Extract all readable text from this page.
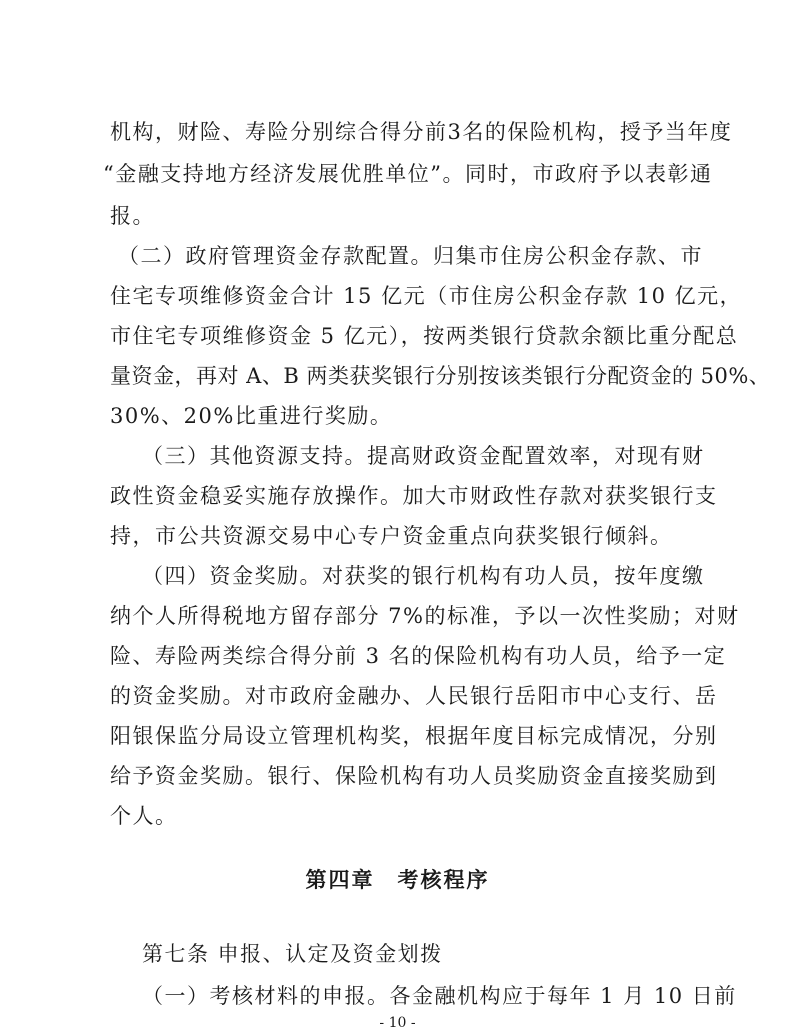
机构，财险、寿险分别综合得分前3名的保险机构，授予当年度
“金融支持地方经济发展优胜单位”。同时，市政府予以表彰通
报。
（二）政府管理资金存款配置。归集市住房公积金存款、市
住宅专项维修资金合计 15 亿元（市住房公积金存款 10 亿元，
市住宅专项维修资金 5 亿元），按两类银行贷款余额比重分配总
量资金，再对 A、B 两类获奖银行分别按该类银行分配资金的 50%、
30%、20%比重进行奖励。
（三）其他资源支持。提高财政资金配置效率，对现有财
政性资金稳妥实施存放操作。加大市财政性存款对获奖银行支
持，市公共资源交易中心专户资金重点向获奖银行倾斜。
（四）资金奖励。对获奖的银行机构有功人员，按年度缴
纳个人所得税地方留存部分 7%的标准，予以一次性奖励；对财
险、寿险两类综合得分前 3 名的保险机构有功人员，给予一定
的资金奖励。对市政府金融办、人民银行岳阳市中心支行、岳
阳银保监分局设立管理机构奖，根据年度目标完成情况，分别
给予资金奖励。银行、保险机构有功人员奖励资金直接奖励到
个人。
第四章　考核程序
第七条 申报、认定及资金划拨
（一）考核材料的申报。各金融机构应于每年 1 月 10 日前
- 10 -
